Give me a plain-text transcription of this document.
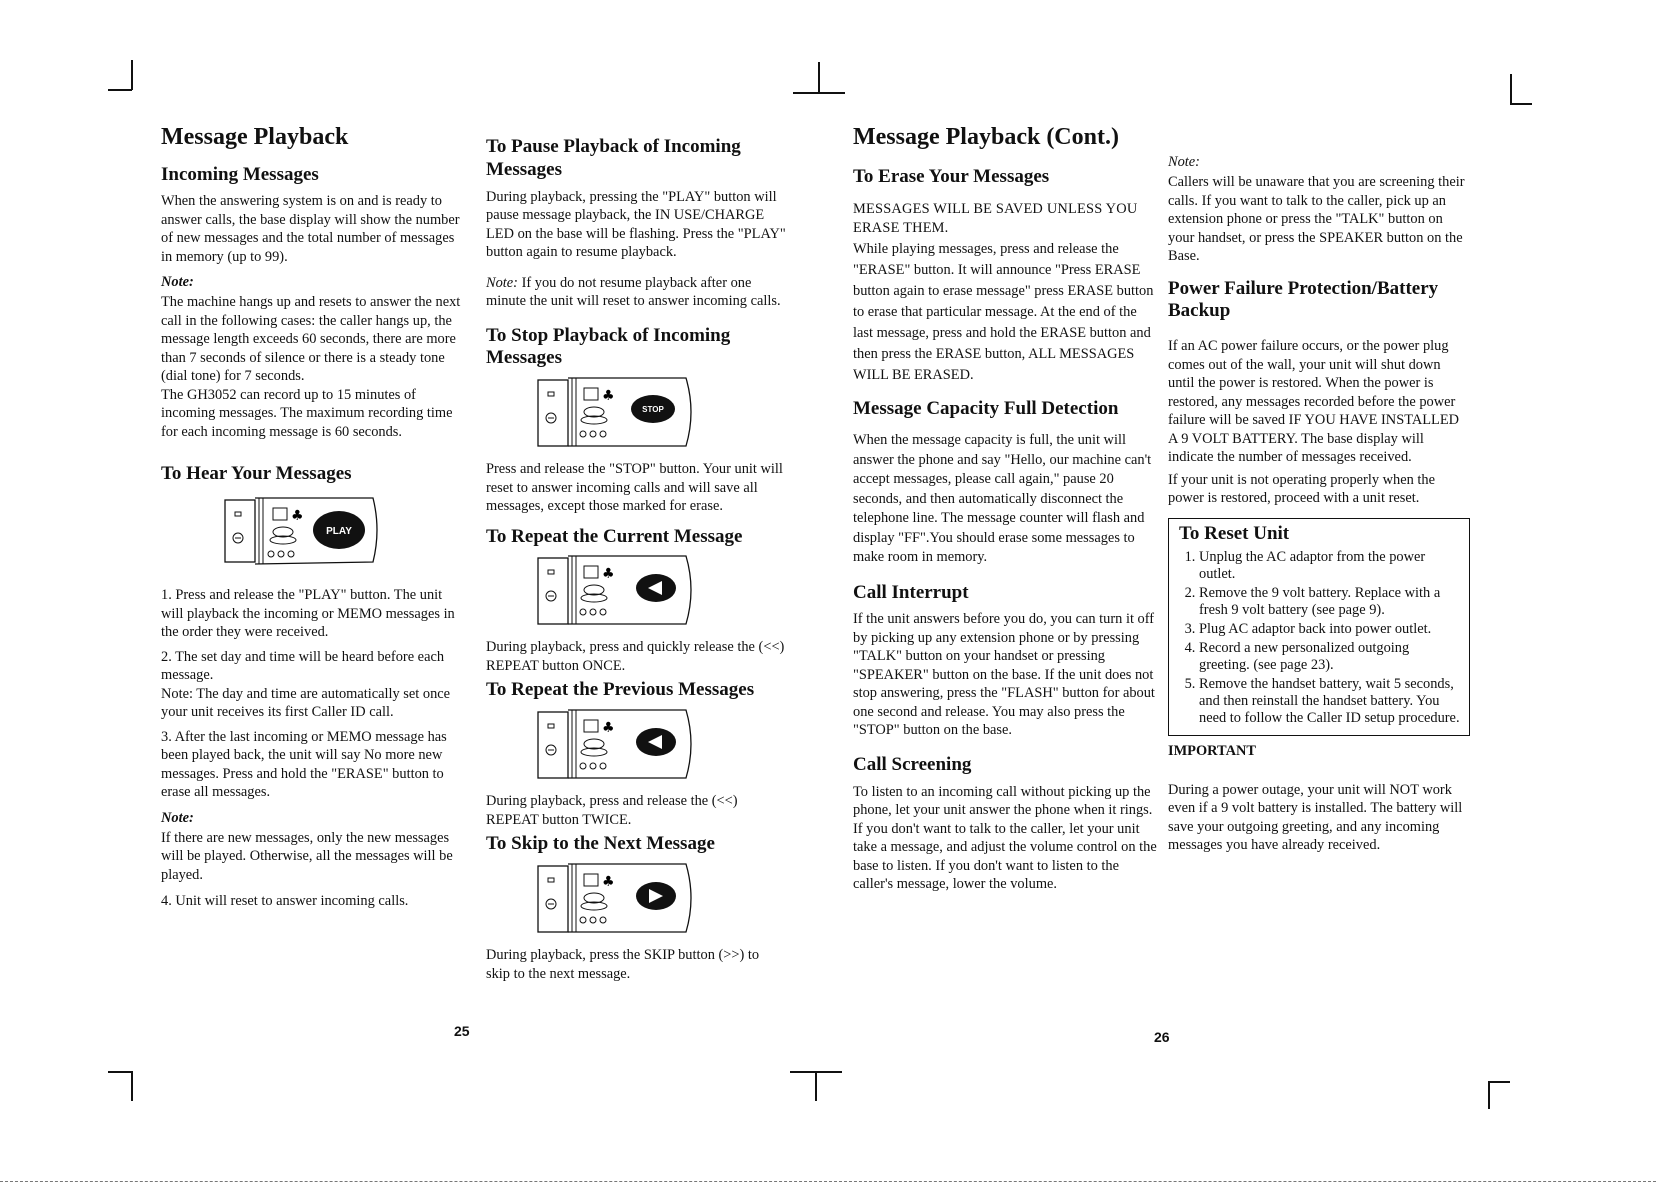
Message Playback
Incoming Messages

When the answering system is on and is ready to answer calls, the base display will show the number of new messages and the total number of messages in memory (up to 99).

Note:

The machine hangs up and resets to answer the next call in the following cases: the caller hangs up, the message length exceeds 60 seconds, there are more than 7 seconds of silence or there is a steady tone (dial tone) for 7 seconds.

The GH3052 can record up to 15 minutes of incoming messages. The maximum recording time for each incoming message is 60 seconds.

To Hear Your Messages
♣
PLAY

1. Press and release the "PLAY" button. The unit will playback the incoming or MEMO messages in the order they were received.

2. The set day and time will be heard before each message.

Note: The day and time are automatically set once your unit receives its first Caller ID call.

3. After the last incoming or MEMO message has been played back, the unit will say No more new messages. Press and hold the "ERASE" button to erase all messages.

Note:

If there are new messages, only the new messages will be played. Otherwise, all the messages will be played.

4. Unit will reset to answer incoming calls.

To Pause Playback of Incoming Messages

During playback, pressing the "PLAY" button will pause message playback, the IN USE/CHARGE LED on the base will be flashing. Press the "PLAY" button again to resume playback.

Note: If you do not resume playback after one minute the unit will reset to answer incoming calls.

To Stop Playback of Incoming Messages
♣
STOP

Press and release the "STOP" button. Your unit will reset to answer incoming calls and will save all messages, except those marked for erase.

To Repeat the Current Message
♣

During playback, press and quickly release the (<<) REPEAT button ONCE.

To Repeat the Previous Messages
♣

During playback, press and release the (<<) REPEAT button TWICE.

To Skip to the Next Message
♣

During playback, press the SKIP button (>>) to skip to the next message.

25
Message Playback (Cont.)
To Erase Your Messages

MESSAGES WILL BE SAVED UNLESS YOU ERASE THEM.

While playing messages, press and release the "ERASE" button. It will announce "Press ERASE button again to erase message" press ERASE button to erase that particular message. At the end of the last message, press and hold the ERASE button and then press the ERASE button, ALL MESSAGES WILL BE ERASED.

Message Capacity Full Detection

When the message capacity is full, the unit will answer the phone and say "Hello, our machine can't accept messages, please call again," pause 20 seconds, and then automatically disconnect the telephone line. The message counter will flash and display "FF".You should erase some messages to make room in memory.

Call Interrupt

If the unit answers before you do, you can turn it off by picking up any extension phone or by pressing "TALK" button on your handset or pressing "SPEAKER" button on the base. If the unit does not stop answering, press the "FLASH" button for about one second and release. You may also press the "STOP" button on the base.

Call Screening

To listen to an incoming call without picking up the phone, let your unit answer the phone when it rings. If you don't want to talk to the caller, let your unit take a message, and adjust the volume control on the base to listen. If you don't want to listen to the caller's message, lower the volume.

Note:

Callers will be unaware that you are screening their calls. If you want to talk to the caller, pick up an extension phone or press the "TALK" button on your handset, or press the SPEAKER button on the Base.

Power Failure Protection/Battery Backup

If an AC power failure occurs, or the power plug comes out of the wall, your unit will shut down until the power is restored. When the power is restored, any messages recorded before the power failure will be saved IF YOU HAVE INSTALLED A 9 VOLT BATTERY. The base display will indicate the number of messages received.

If your unit is not operating properly when the power is restored, proceed with a unit reset.

To Reset Unit
1. Unplug the AC adaptor from the power outlet.
2. Remove the 9 volt battery. Replace with a fresh 9 volt battery (see page 9).
3. Plug AC adaptor back into power outlet.
4. Record a new personalized outgoing greeting. (see page 23).
5. Remove the handset battery, wait 5 seconds, and then reinstall the handset battery. You need to follow the Caller ID setup procedure.

IMPORTANT

During a power outage, your unit will NOT work even if a 9 volt battery is installed. The battery will save your outgoing greeting, and any incoming messages you have already received.

26
